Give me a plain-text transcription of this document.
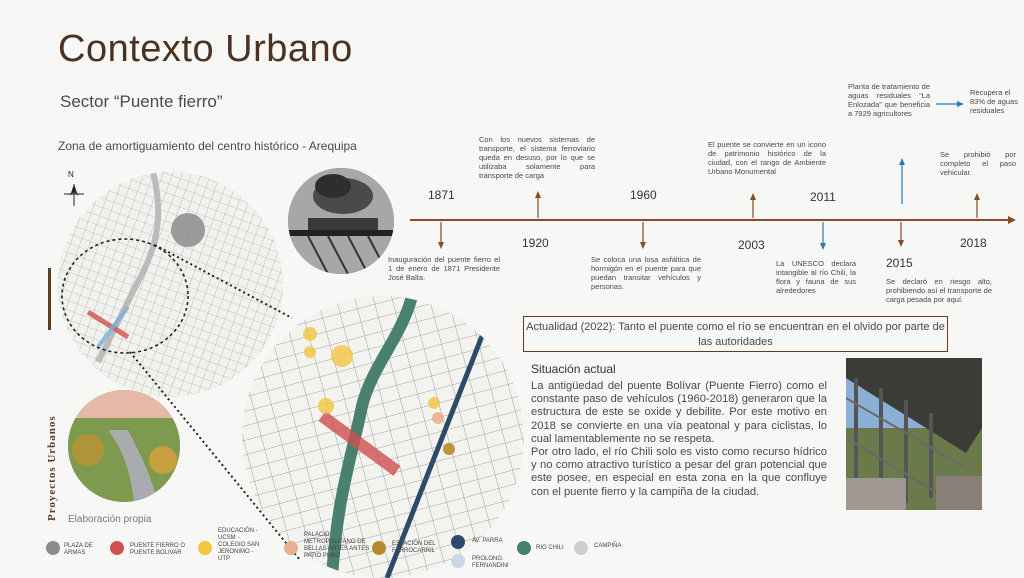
Contexto Urbano
Sector “Puente fierro”
Zona de amortiguamiento del centro histórico - Arequipa
Proyectos Urbanos
N
Elaboración propia
1871
1920
1960
2003
2011
2015
2018
Inauguración del puente fierro el 1 de enero de 1871 Presidente José Balta.
Con los nuevos sistemas de transporte, el sistema ferroviario queda en desuso, por lo que se utilizaba solamente para transporte de carga
Se coloca una losa asfáltica de hormigón en el puente para que puedan transitar vehículos y personas.
El puente se convierte en un icono de patrimonio histórico de la ciudad, con el rango de Ambiente Urbano Monumental
La UNESCO declara intangible al río Chili, la flora y fauna de sus alrededores
Planta de tratamiento de aguas residuales “La Enlozada” que beneficia a 7929 agricultores
Se declaró en riesgo alto, prohibiendo así el transporte de carga pesada por aquí.
Se prohibió por completo el paso vehicular.
Recupera el 83% de aguas residuales
Actualidad (2022): Tanto el puente como el río se encuentran en el olvido por parte de las autoridades
Situación actual
La antigüedad del puente Bolívar (Puente Fierro) como el constante paso de vehículos (1960-2018) generaron que la estructura de este se oxide y debilite. Por este motivo en 2018 se convierte en una vía peatonal y para ciclistas, lo cual lamentablemente no se respeta.
Por otro lado, el río Chili solo es visto como recurso hídrico y no como atractivo turístico a pesar del gran potencial que este posee, en especial en esta zona en la que confluye con el puente fierro y la campiña de la ciudad.
PLAZA DE ARMAS
PUENTE FIERRO O PUENTE BOLIVAR
EDUCACIÓN - UCSM - COLEGIO SAN JERONIMO - UTP
PALACIO METROPOLITANO DE BELLAS ARTES ANTES PATIO PUNO
ESTACIÓN DEL FERROCARRIL
AV. PARRA
PROLONG. FERNANDINI
RIO CHILI	CAMPIÑA
